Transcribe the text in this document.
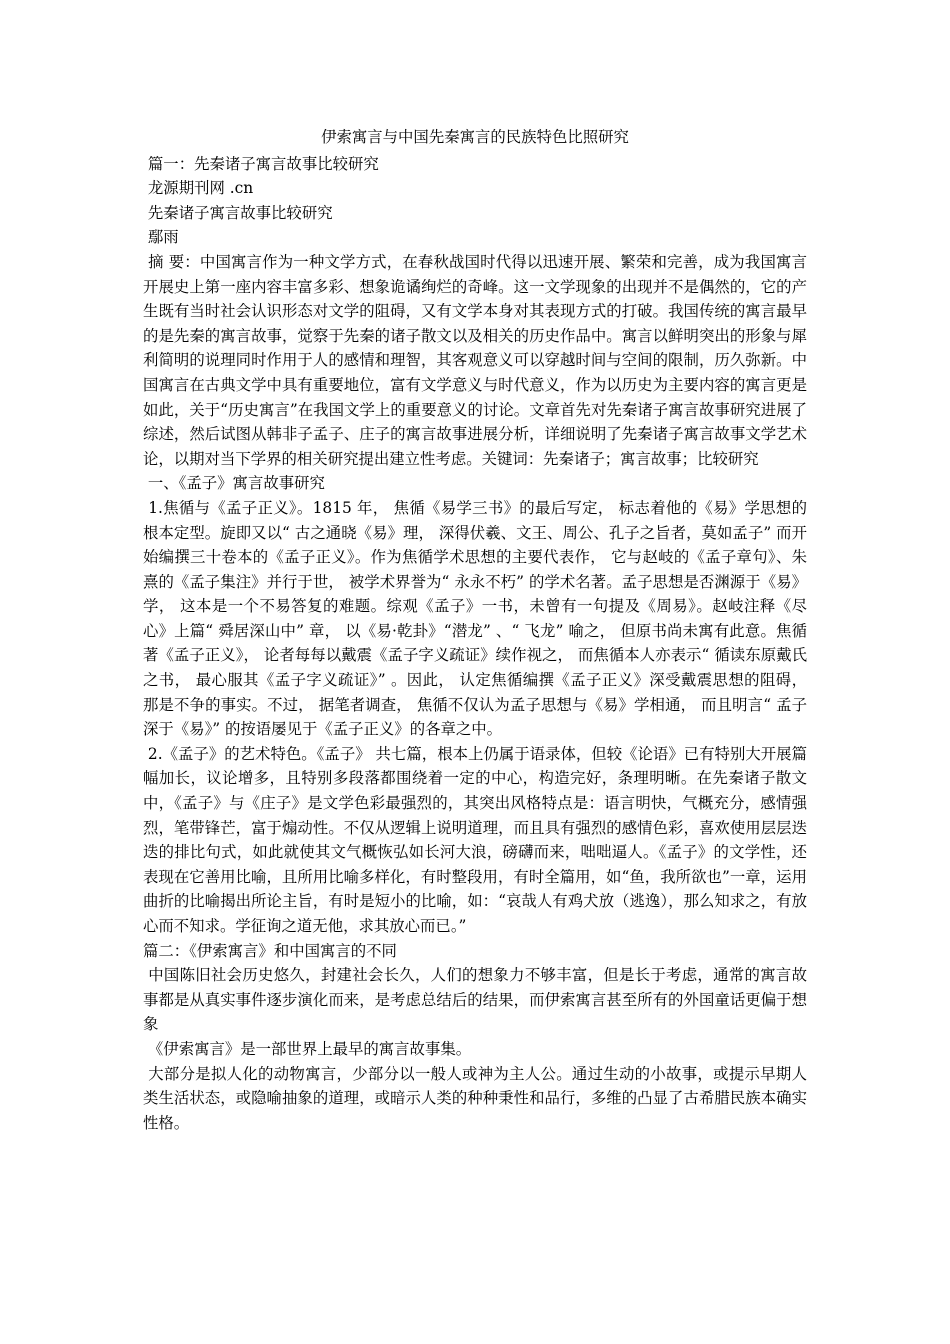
伊索寓言与中国先秦寓言的民族特色比照研究

篇一：先秦诸子寓言故事比较研究

龙源期刊网 .cn

先秦诸子寓言故事比较研究

鄢雨

摘 要：中国寓言作为一种文学方式，在春秋战国时代得以迅速开展、繁荣和完善，成为我国寓言开展史上第一座内容丰富多彩、想象诡谲绚烂的奇峰。这一文学现象的出现并不是偶然的，它的产生既有当时社会认识形态对文学的阻碍，又有文学本身对其表现方式的打破。我国传统的寓言最早的是先秦的寓言故事，觉察于先秦的诸子散文以及相关的历史作品中。寓言以鲜明突出的形象与犀利简明的说理同时作用于人的感情和理智，其客观意义可以穿越时间与空间的限制，历久弥新。中国寓言在古典文学中具有重要地位，富有文学意义与时代意义，作为以历史为主要内容的寓言更是如此，关于“历史寓言”在我国文学上的重要意义的讨论。文章首先对先秦诸子寓言故事研究进展了综述，然后试图从韩非子孟子、庄子的寓言故事进展分析，详细说明了先秦诸子寓言故事文学艺术论，以期对当下学界的相关研究提出建立性考虑。关键词：先秦诸子；寓言故事；比较研究

一、《孟子》寓言故事研究

1.焦循与《孟子正义》。1815 年， 焦循《易学三书》的最后写定， 标志着他的《易》学思想的根本定型。旋即又以“ 古之通晓《易》理， 深得伏羲、文王、周公、孔子之旨者，莫如孟子” 而开始编撰三十卷本的《孟子正义》。作为焦循学术思想的主要代表作， 它与赵岐的《孟子章句》、朱熹的《孟子集注》并行于世， 被学术界誉为“ 永永不朽” 的学术名著。孟子思想是否渊源于《易》学， 这本是一个不易答复的难题。综观《孟子》一书，未曾有一句提及《周易》。赵岐注释《尽心》上篇“ 舜居深山中” 章， 以《易·乾卦》“潜龙” 、“ 飞龙” 喻之， 但原书尚未寓有此意。焦循著《孟子正义》， 论者每每以戴震《孟子字义疏证》续作视之， 而焦循本人亦表示“ 循读东原戴氏之书， 最心服其《孟子字义疏证》” 。因此， 认定焦循编撰《孟子正义》深受戴震思想的阻碍， 那是不争的事实。不过， 据笔者调查， 焦循不仅认为孟子思想与《易》学相通， 而且明言“ 孟子深于《易》” 的按语屡见于《孟子正义》的各章之中。

2.《孟子》的艺术特色。《孟子》 共七篇，根本上仍属于语录体，但较《论语》已有特别大开展篇幅加长，议论增多，且特别多段落都围绕着一定的中心，构造完好，条理明晰。在先秦诸子散文中，《孟子》与《庄子》是文学色彩最强烈的，其突出风格特点是：语言明快，气概充分，感情强烈，笔带锋芒，富于煽动性。不仅从逻辑上说明道理，而且具有强烈的感情色彩，喜欢使用层层迭迭的排比句式，如此就使其文气概恢弘如长河大浪，磅礴而来，咄咄逼人。《孟子》的文学性，还表现在它善用比喻，且所用比喻多样化，有时整段用，有时全篇用，如“鱼，我所欲也”一章，运用曲折的比喻揭出所论主旨，有时是短小的比喻，如：“哀哉人有鸡犬放（逃逸），那么知求之，有放心而不知求。学征询之道无他，求其放心而已。”

篇二：《伊索寓言》和中国寓言的不同

中国陈旧社会历史悠久，封建社会长久，人们的想象力不够丰富，但是长于考虑，通常的寓言故事都是从真实事件逐步演化而来，是考虑总结后的结果，而伊索寓言甚至所有的外国童话更偏于想象

《伊索寓言》是一部世界上最早的寓言故事集。

大部分是拟人化的动物寓言，少部分以一般人或神为主人公。通过生动的小故事，或提示早期人类生活状态，或隐喻抽象的道理，或暗示人类的种种秉性和品行，多维的凸显了古希腊民族本确实性格。
